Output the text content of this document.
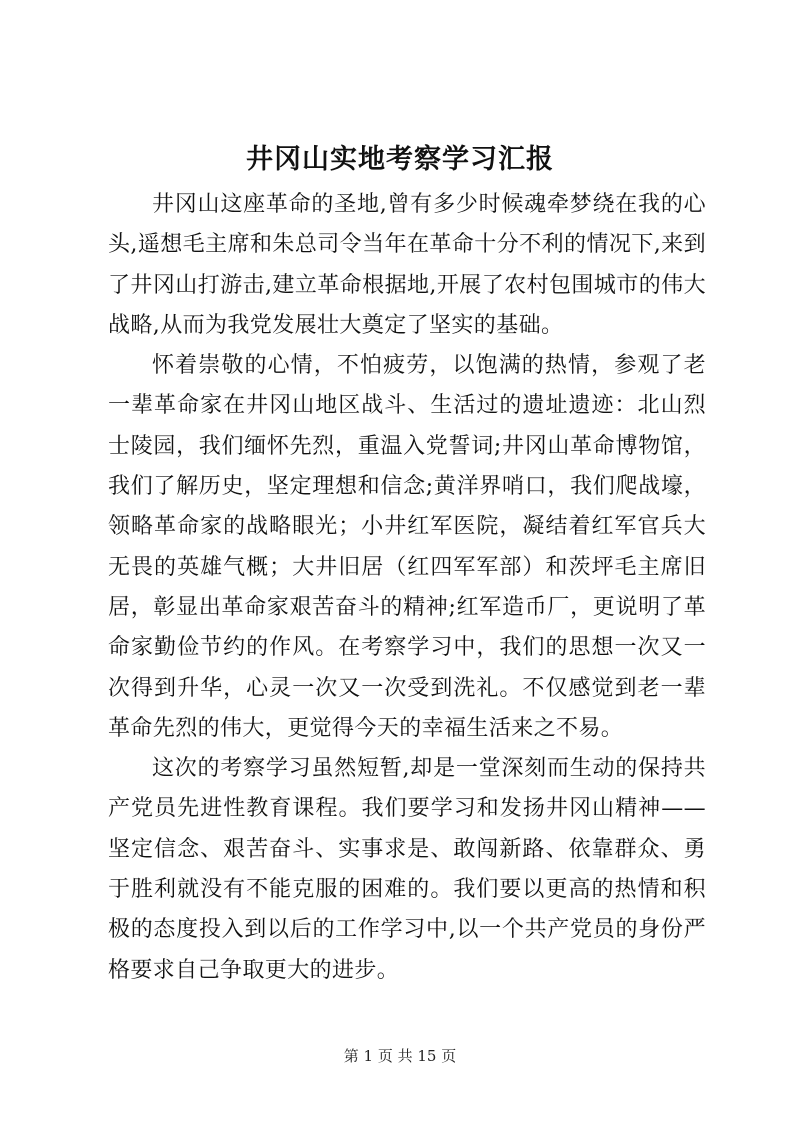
井冈山实地考察学习汇报

井冈山这座革命的圣地,曾有多少时候魂牵梦绕在我的心头,遥想毛主席和朱总司令当年在革命十分不利的情况下,来到了井冈山打游击,建立革命根据地,开展了农村包围城市的伟大战略,从而为我党发展壮大奠定了坚实的基础。

怀着崇敬的心情，不怕疲劳，以饱满的热情，参观了老一辈革命家在井冈山地区战斗、生活过的遗址遗迹：北山烈士陵园，我们缅怀先烈，重温入党誓词;井冈山革命博物馆，我们了解历史，坚定理想和信念;黄洋界哨口，我们爬战壕，领略革命家的战略眼光；小井红军医院，凝结着红军官兵大无畏的英雄气概；大井旧居（红四军军部）和茨坪毛主席旧居，彰显出革命家艰苦奋斗的精神;红军造币厂，更说明了革命家勤俭节约的作风。在考察学习中，我们的思想一次又一次得到升华，心灵一次又一次受到洗礼。不仅感觉到老一辈革命先烈的伟大，更觉得今天的幸福生活来之不易。

这次的考察学习虽然短暂,却是一堂深刻而生动的保持共产党员先进性教育课程。我们要学习和发扬井冈山精神——坚定信念、艰苦奋斗、实事求是、敢闯新路、依靠群众、勇于胜利就没有不能克服的困难的。我们要以更高的热情和积极的态度投入到以后的工作学习中,以一个共产党员的身份严格要求自己争取更大的进步。

第 1 页 共 15 页
